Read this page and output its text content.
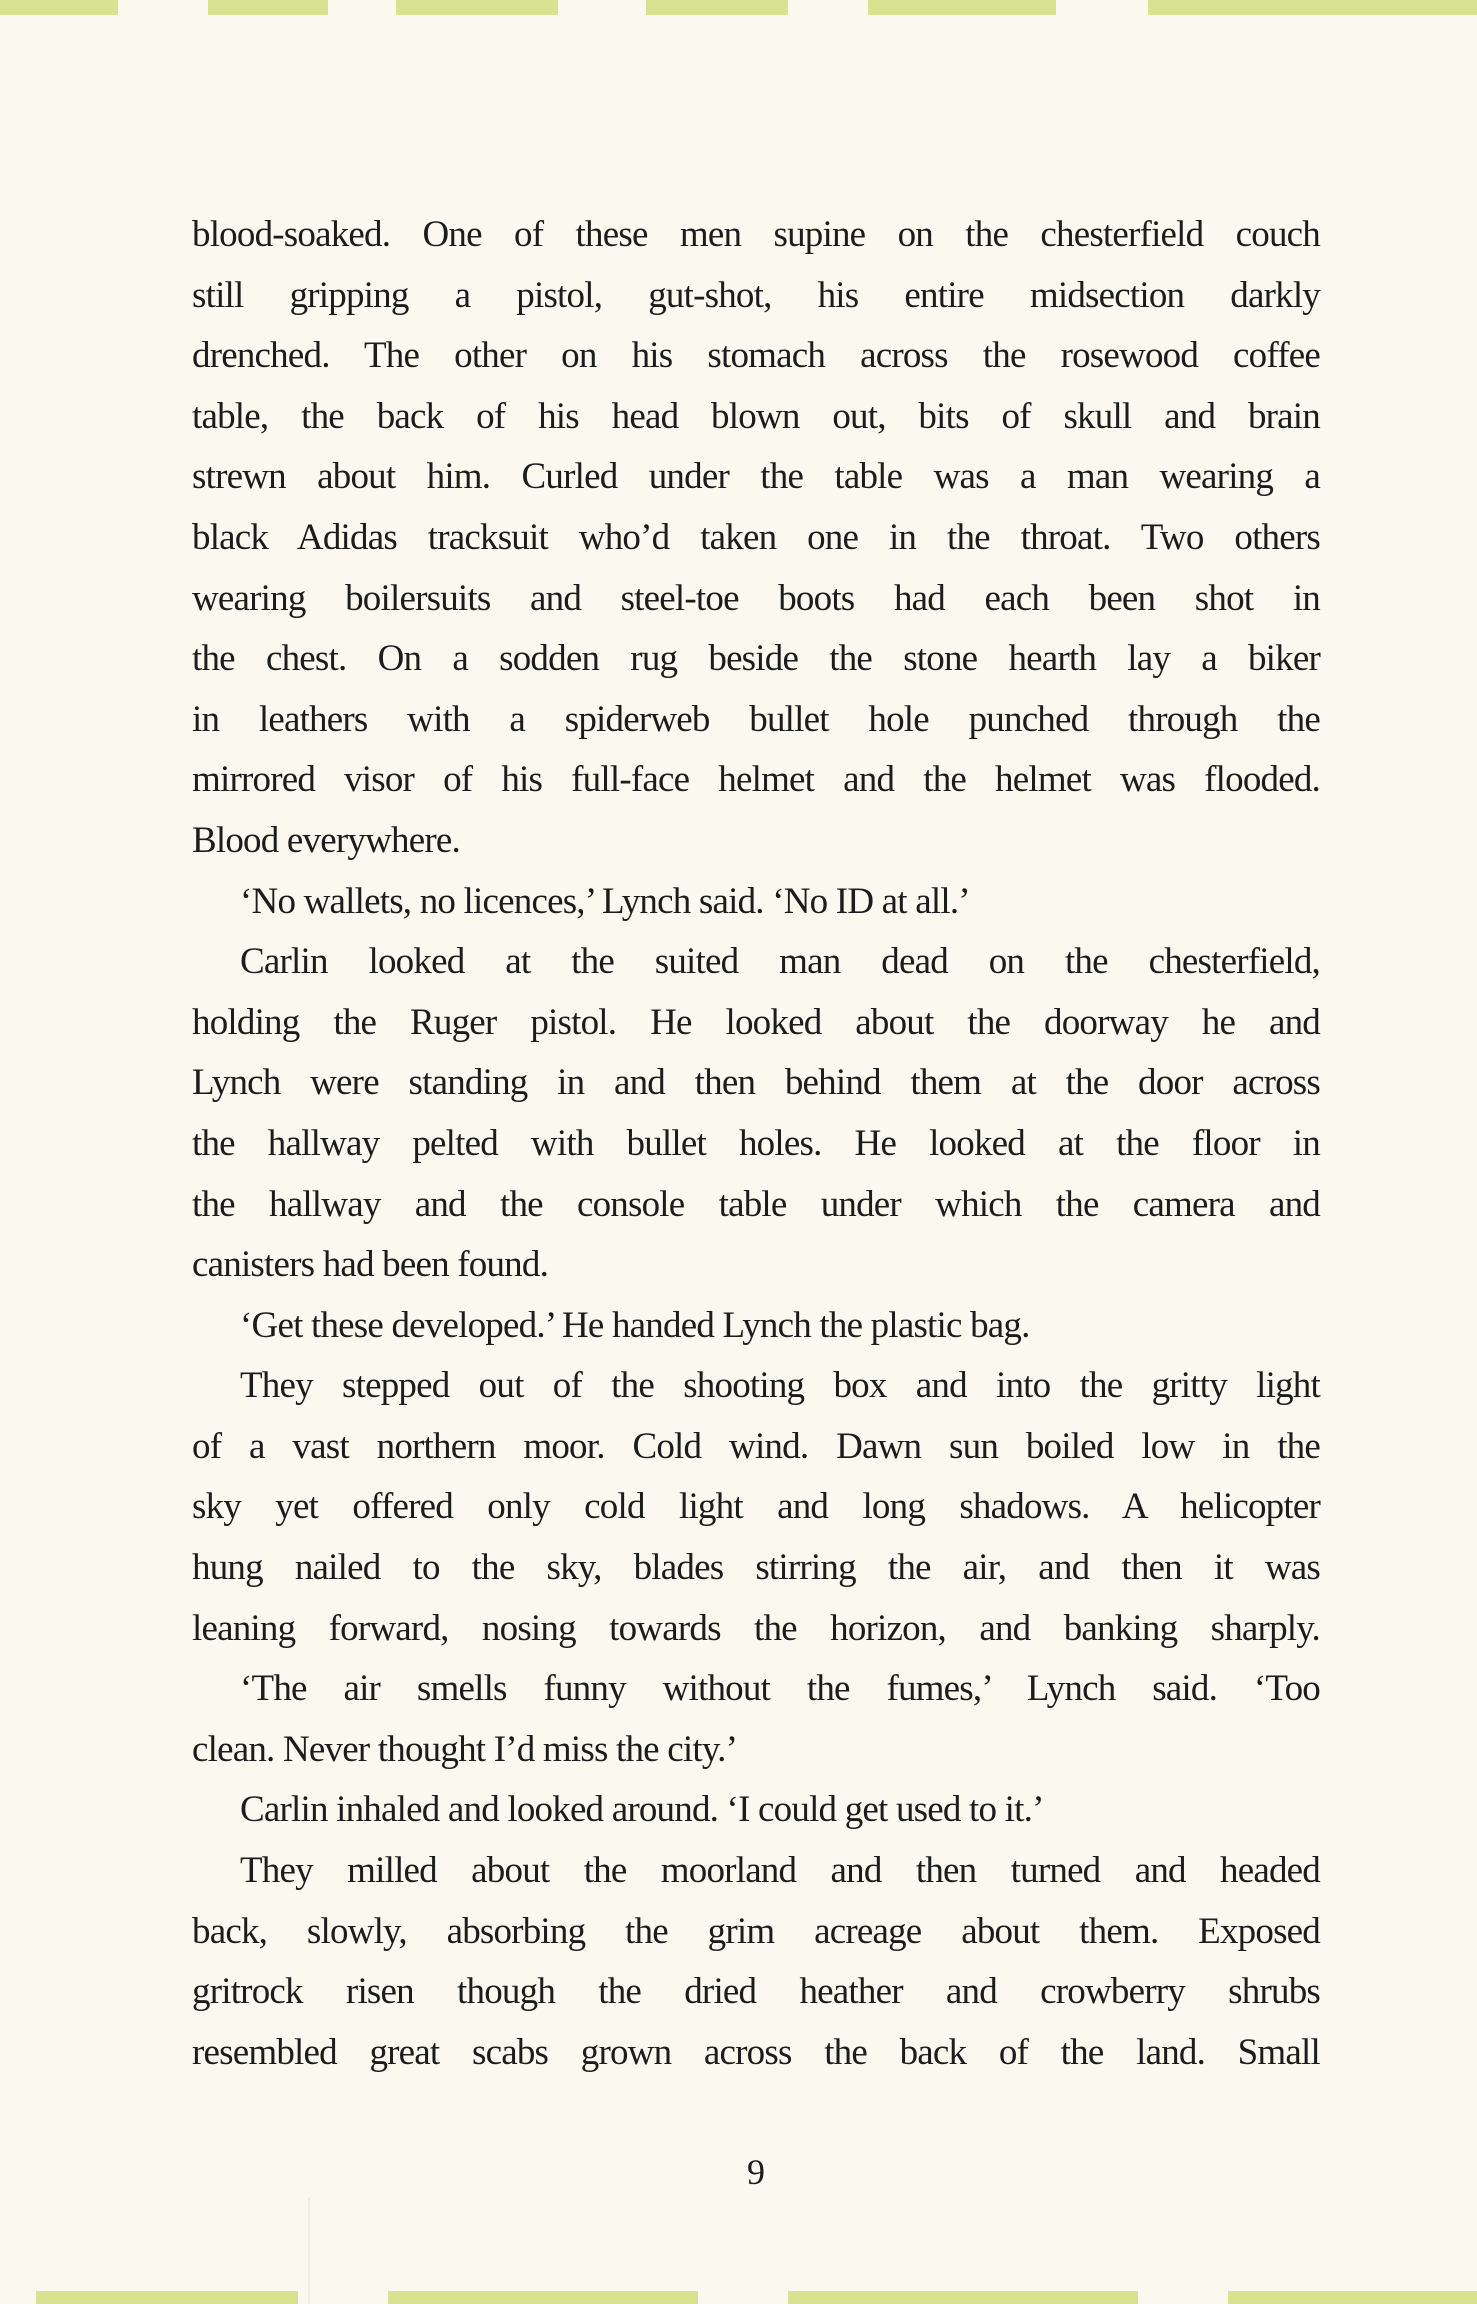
blood-soaked. One of these men supine on the chesterfield couch
still gripping a pistol, gut-shot, his entire midsection darkly
drenched. The other on his stomach across the rosewood coffee
table, the back of his head blown out, bits of skull and brain
strewn about him. Curled under the table was a man wearing a
black Adidas tracksuit who’d taken one in the throat. Two others
wearing boilersuits and steel-toe boots had each been shot in
the chest. On a sodden rug beside the stone hearth lay a biker
in leathers with a spiderweb bullet hole punched through the
mirrored visor of his full-face helmet and the helmet was flooded.
Blood everywhere.
‘No wallets, no licences,’ Lynch said. ‘No ID at all.’
Carlin looked at the suited man dead on the chesterfield,
holding the Ruger pistol. He looked about the doorway he and
Lynch were standing in and then behind them at the door across
the hallway pelted with bullet holes. He looked at the floor in
the hallway and the console table under which the camera and
canisters had been found.
‘Get these developed.’ He handed Lynch the plastic bag.
They stepped out of the shooting box and into the gritty light
of a vast northern moor. Cold wind. Dawn sun boiled low in the
sky yet offered only cold light and long shadows. A helicopter
hung nailed to the sky, blades stirring the air, and then it was
leaning forward, nosing towards the horizon, and banking sharply.
‘The air smells funny without the fumes,’ Lynch said. ‘Too
clean. Never thought I’d miss the city.’
Carlin inhaled and looked around. ‘I could get used to it.’
They milled about the moorland and then turned and headed
back, slowly, absorbing the grim acreage about them. Exposed
gritrock risen though the dried heather and crowberry shrubs
resembled great scabs grown across the back of the land. Small
9
